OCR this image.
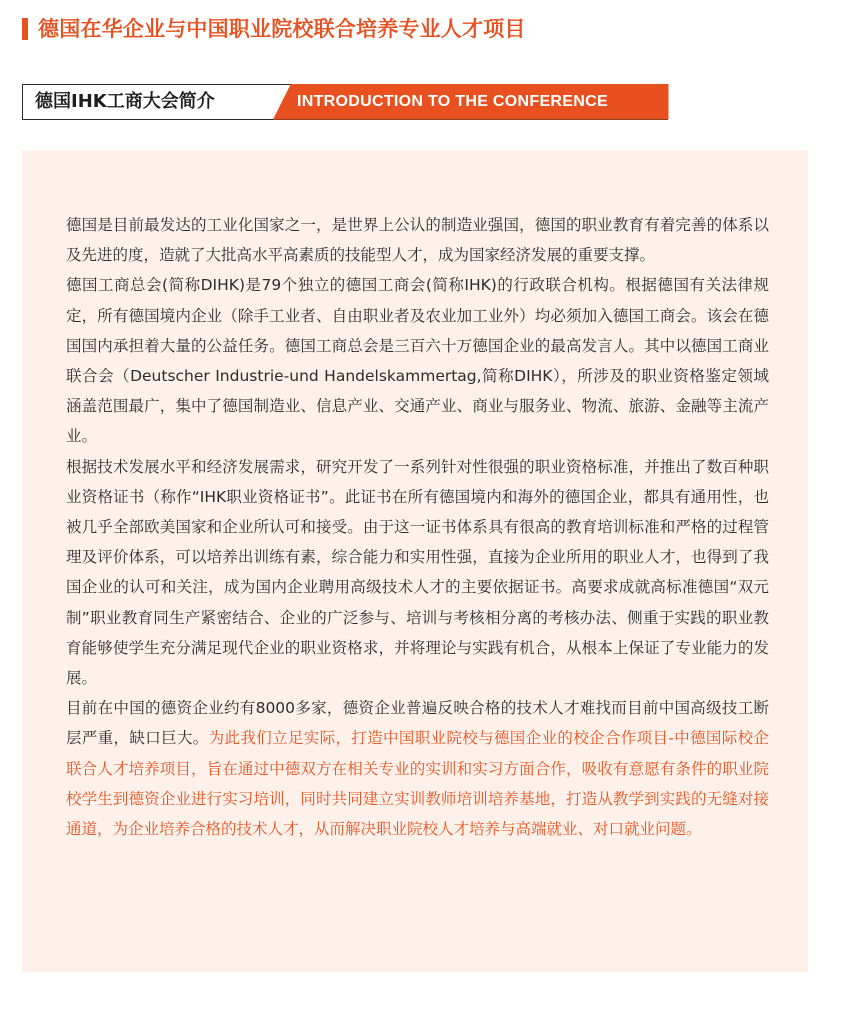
德国在华企业与中国职业院校联合培养专业人才项目
德国IHK工商大会简介	INTRODUCTION TO THE CONFERENCE

德国是目前最发达的工业化国家之一，是世界上公认的制造业强国，德国的职业教育有着完善的体系以及先进的度，造就了大批高水平高素质的技能型人才，成为国家经济发展的重要支撑。

德国工商总会(简称DIHK)是79个独立的德国工商会(简称IHK)的行政联合机构。根据德国有关法律规定，所有德国境内企业（除手工业者、自由职业者及农业加工业外）均必须加入德国工商会。该会在德国国内承担着大量的公益任务。德国工商总会是三百六十万德国企业的最高发言人。其中以德国工商业联合会（Deutscher Industrie-und Handelskammertag,简称DIHK），所涉及的职业资格鉴定领域涵盖范围最广，集中了德国制造业、信息产业、交通产业、商业与服务业、物流、旅游、金融等主流产业。

根据技术发展水平和经济发展需求，研究开发了一系列针对性很强的职业资格标准，并推出了数百种职业资格证书（称作“IHK职业资格证书”。此证书在所有德国境内和海外的德国企业，都具有通用性，也被几乎全部欧美国家和企业所认可和接受。由于这一证书体系具有很高的教育培训标准和严格的过程管理及评价体系，可以培养出训练有素，综合能力和实用性强，直接为企业所用的职业人才，也得到了我国企业的认可和关注，成为国内企业聘用高级技术人才的主要依据证书。高要求成就高标准德国“双元制”职业教育同生产紧密结合、企业的广泛参与、培训与考核相分离的考核办法、侧重于实践的职业教育能够使学生充分满足现代企业的职业资格求，并将理论与实践有机合，从根本上保证了专业能力的发展。

目前在中国的德资企业约有8000多家，德资企业普遍反映合格的技术人才难找而目前中国高级技工断层严重，缺口巨大。为此我们立足实际，打造中国职业院校与德国企业的校企合作项目-中德国际校企联合人才培养项目，旨在通过中德双方在相关专业的实训和实习方面合作，吸收有意愿有条件的职业院校学生到德资企业进行实习培训，同时共同建立实训教师培训培养基地，打造从教学到实践的无缝对接通道，为企业培养合格的技术人才，从而解决职业院校人才培养与高端就业、对口就业问题。
